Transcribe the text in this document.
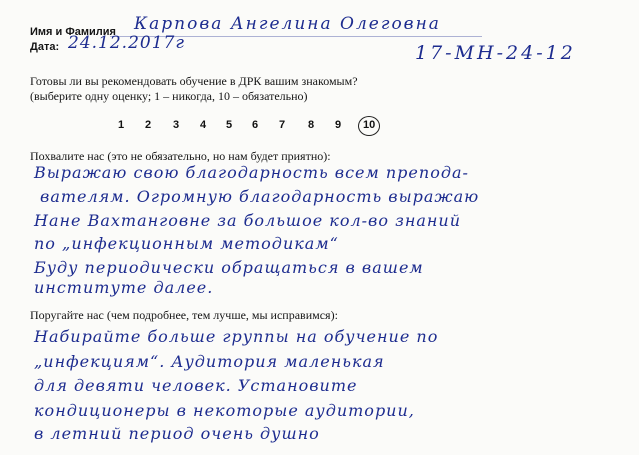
Имя и Фамилия
Дата:
Карпова Ангелина Олеговна
24.12.2017г	17-МН-24-12
Готовы ли вы рекомендовать обучение в ДРК вашим знакомым?
(выберите одну оценку; 1 – никогда, 10 – обязательно)
1 2 3 4 5 6 7 8 9 10
Похвалите нас (это не обязательно, но нам будет приятно):
Выражаю свою благодарность всем препода-
вателям. Огромную благодарность выражаю
Нане Вахтанговне за большое кол-во знаний
по „инфекционным методикам“
Буду периодически обращаться в вашем
институте далее.
Поругайте нас (чем подробнее, тем лучше, мы исправимся):
Набирайте больше группы на обучение по
„инфекциям“. Аудитория маленькая
для девяти человек. Установите
кондиционеры в некоторые аудитории,
в летний период очень душно
